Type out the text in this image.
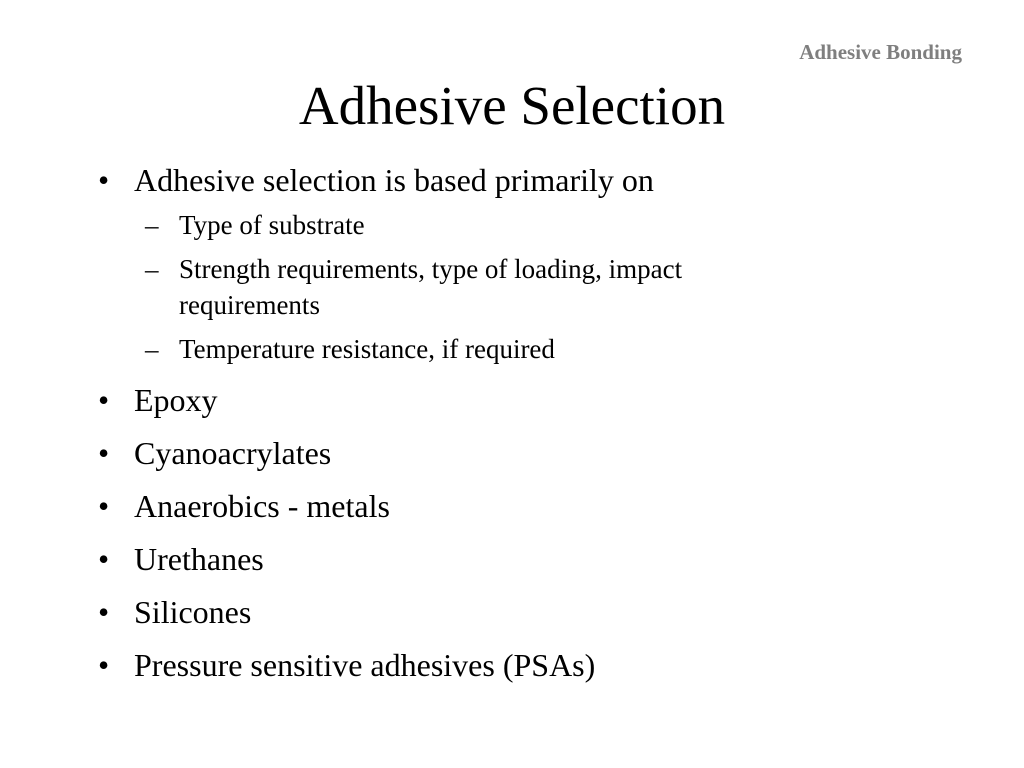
Adhesive Bonding
Adhesive Selection
• Adhesive selection is based primarily on
– Type of substrate
– Strength requirements, type of loading, impact requirements
– Temperature resistance, if required
• Epoxy
• Cyanoacrylates
• Anaerobics - metals
• Urethanes
• Silicones
• Pressure sensitive adhesives (PSAs)
